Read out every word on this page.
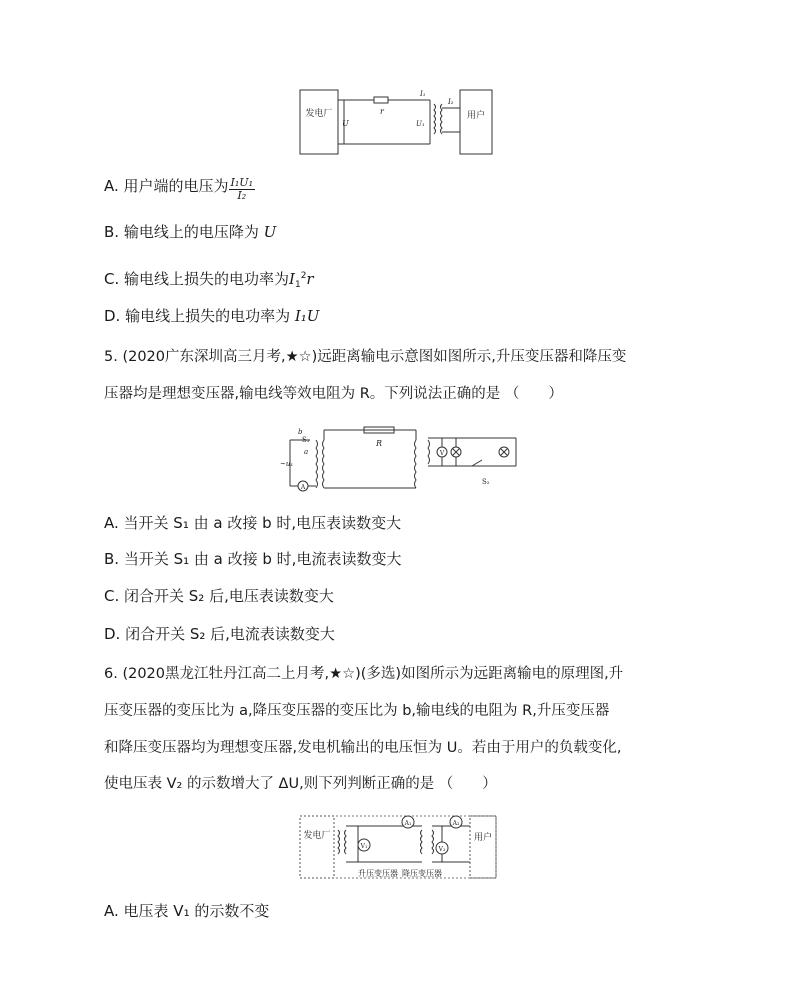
发电厂
U
r
I₁
U₁
I₂
用户
A. 用户端的电压为 $\frac{\text{I₁U₁}}{\text{I₂}}$
B. 输电线上的电压降为 U
C. 输电线上损失的电功率为$I_1^2r$
D. 输电线上损失的电功率为 I₁U
5. (2020广东深圳高三月考,★☆)远距离输电示意图如图所示,升压变压器和降压变
压器均是理想变压器,输电线等效电阻为 R。下列说法正确的是 （　　）
b
S₁
a
~u₁
A
R
V
S₂
A. 当开关 S₁ 由 a 改接 b 时,电压表读数变大
B. 当开关 S₁ 由 a 改接 b 时,电流表读数变大
C. 闭合开关 S₂ 后,电压表读数变大
D. 闭合开关 S₂ 后,电流表读数变大
6. (2020黑龙江牡丹江高二上月考,★☆)(多选)如图所示为远距离输电的原理图,升
压变压器的变压比为 a,降压变压器的变压比为 b,输电线的电阻为 R,升压变压器
和降压变压器均为理想变压器,发电机输出的电压恒为 U。若由于用户的负载变化,
使电压表 V₂ 的示数增大了 ΔU,则下列判断正确的是 （　　）
发电厂
V₁
A₁	A₂
V₂
用户
升压变压器 降压变压器
A. 电压表 V₁ 的示数不变
